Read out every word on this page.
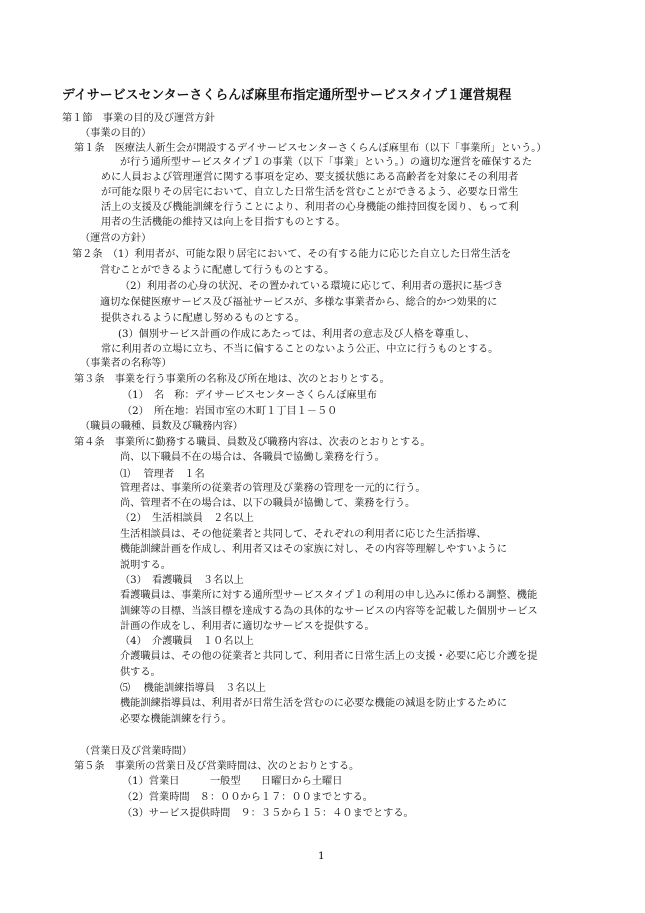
デイサービスセンターさくらんぼ麻里布指定通所型サービスタイプ１運営規程
第１節　事業の目的及び運営方針
（事業の目的）
第１条　医療法人新生会が開設するデイサービスセンターさくらんぼ麻里布（以下「事業所」という。）
が行う通所型サービスタイプ１の事業（以下「事業」という。）の適切な運営を確保するた
めに人員および管理運営に関する事項を定め、要支援状態にある高齢者を対象にその利用者
が可能な限りその居宅において、自立した日常生活を営むことができるよう、必要な日常生
活上の支援及び機能訓練を行うことにより、利用者の心身機能の維持回復を図り、もって利
用者の生活機能の維持又は向上を目指すものとする。
（運営の方針）
第２条　（1）利用者が、可能な限り居宅において、その有する能力に応じた自立した日常生活を
営むことができるように配慮して行うものとする。
（2）利用者の心身の状況、その置かれている環境に応じて、利用者の選択に基づき
適切な保健医療サービス及び福祉サービスが、多様な事業者から、総合的かつ効果的に
提供されるように配慮し努めるものとする。
(3）個別サービス計画の作成にあたっては、利用者の意志及び人格を尊重し、
常に利用者の立場に立ち、不当に偏することのないよう公正、中立に行うものとする。
（事業者の名称等）
第３条　事業を行う事業所の名称及び所在地は、次のとおりとする。
（1）　名　称：デイサービスセンターさくらんぼ麻里布
（2）　所在地：岩国市室の木町１丁目１－５０
（職員の職種、員数及び職務内容）
第４条　事業所に勤務する職員、員数及び職務内容は、次表のとおりとする。
尚、以下職員不在の場合は、各職員で協働し業務を行う。
⑴　 管理者　１名
管理者は、事業所の従業者の管理及び業務の管理を一元的に行う。
尚、管理者不在の場合は、以下の職員が協働して、業務を行う。
（2）　生活相談員　２名以上
生活相談員は、その他従業者と共同して、それぞれの利用者に応じた生活指導、
機能訓練計画を作成し、利用者又はその家族に対し、その内容等理解しやすいように
説明する。
（3）　看護職員　３名以上
看護職員は、事業所に対する通所型サービスタイプ１の利用の申し込みに係わる調整、機能
訓練等の目標、当該目標を達成する為の具体的なサービスの内容等を記載した個別サービス
計画の作成をし、利用者に適切なサービスを提供する。
（4）　介護職員　１０名以上
介護職員は、その他の従業者と共同して、利用者に日常生活上の支援・必要に応じ介護を提
供する。
⑸　 機能訓練指導員　３名以上
機能訓練指導員は、利用者が日常生活を営むのに必要な機能の減退を防止するために
必要な機能訓練を行う。
（営業日及び営業時間）
第５条　事業所の営業日及び営業時間は、次のとおりとする。
（1）営業日　　　一般型　　日曜日から土曜日
（2）営業時間　８：００から１７：００までとする。
（3）サービス提供時間　９：３５から１５：４０までとする。
1
